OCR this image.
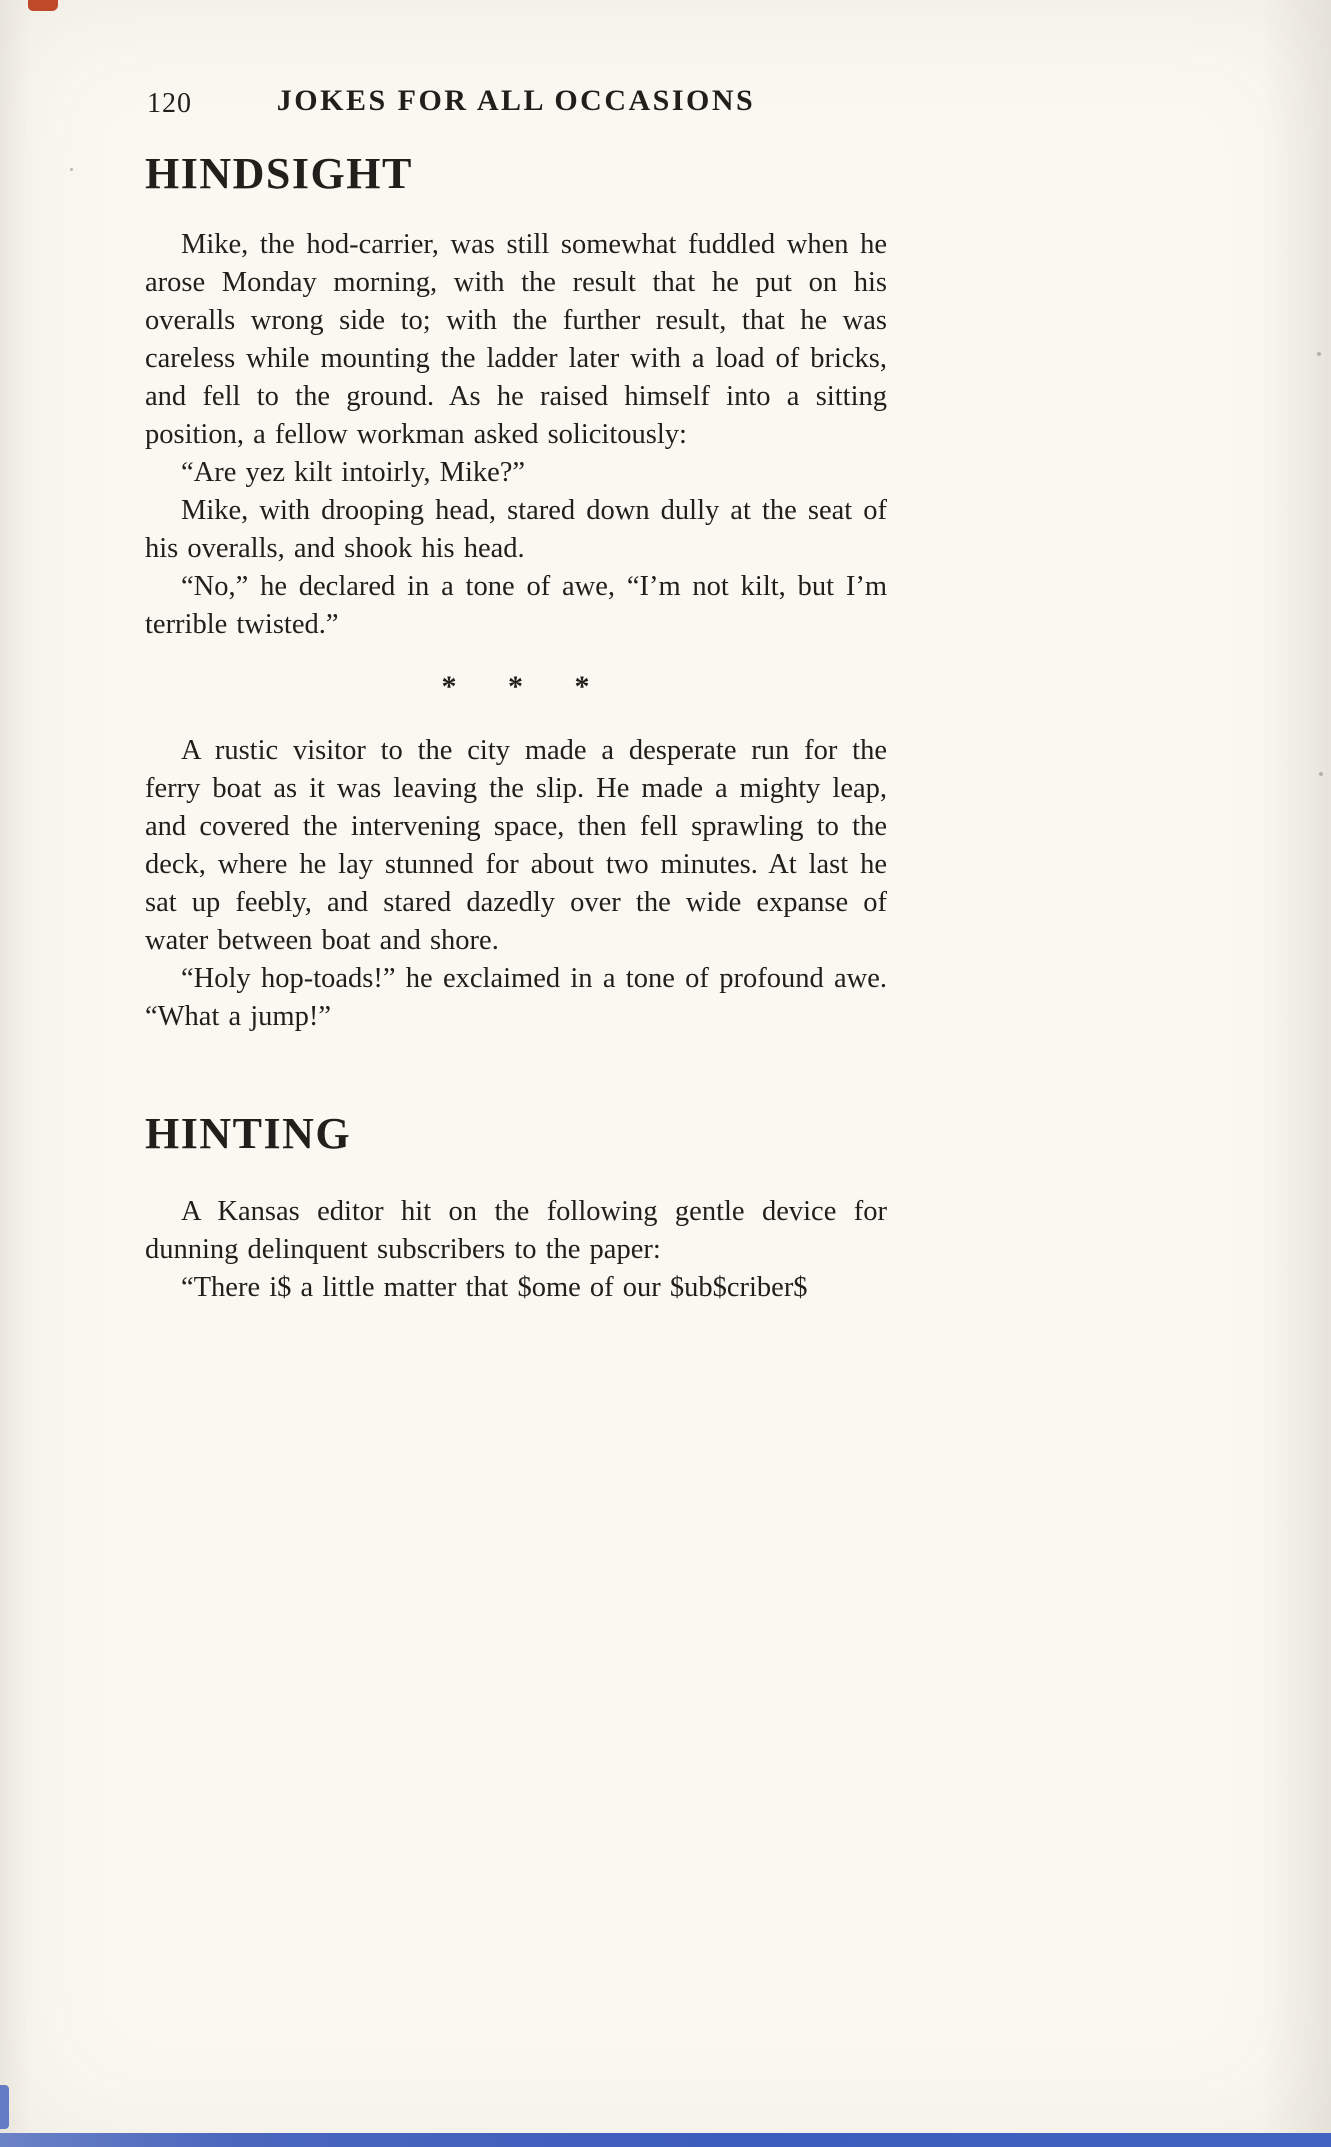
120	JOKES FOR ALL OCCASIONS
HINDSIGHT

Mike, the hod-carrier, was still somewhat fuddled when he arose Monday morning, with the result that he put on his overalls wrong side to; with the further result, that he was careless while mounting the ladder later with a load of bricks, and fell to the ground. As he raised himself into a sitting position, a fellow workman asked solicitously:

“Are yez kilt intoirly, Mike?”

Mike, with drooping head, stared down dully at the seat of his overalls, and shook his head.

“No,” he declared in a tone of awe, “I’m not kilt, but I’m terrible twisted.”

* * *

A rustic visitor to the city made a desperate run for the ferry boat as it was leaving the slip. He made a mighty leap, and covered the intervening space, then fell sprawling to the deck, where he lay stunned for about two minutes. At last he sat up feebly, and stared dazedly over the wide expanse of water between boat and shore.

“Holy hop-toads!” he exclaimed in a tone of profound awe. “What a jump!”

HINTING

A Kansas editor hit on the following gentle device for dunning delinquent subscribers to the paper:

“There i$ a little matter that $ome of our $ub$criber$
